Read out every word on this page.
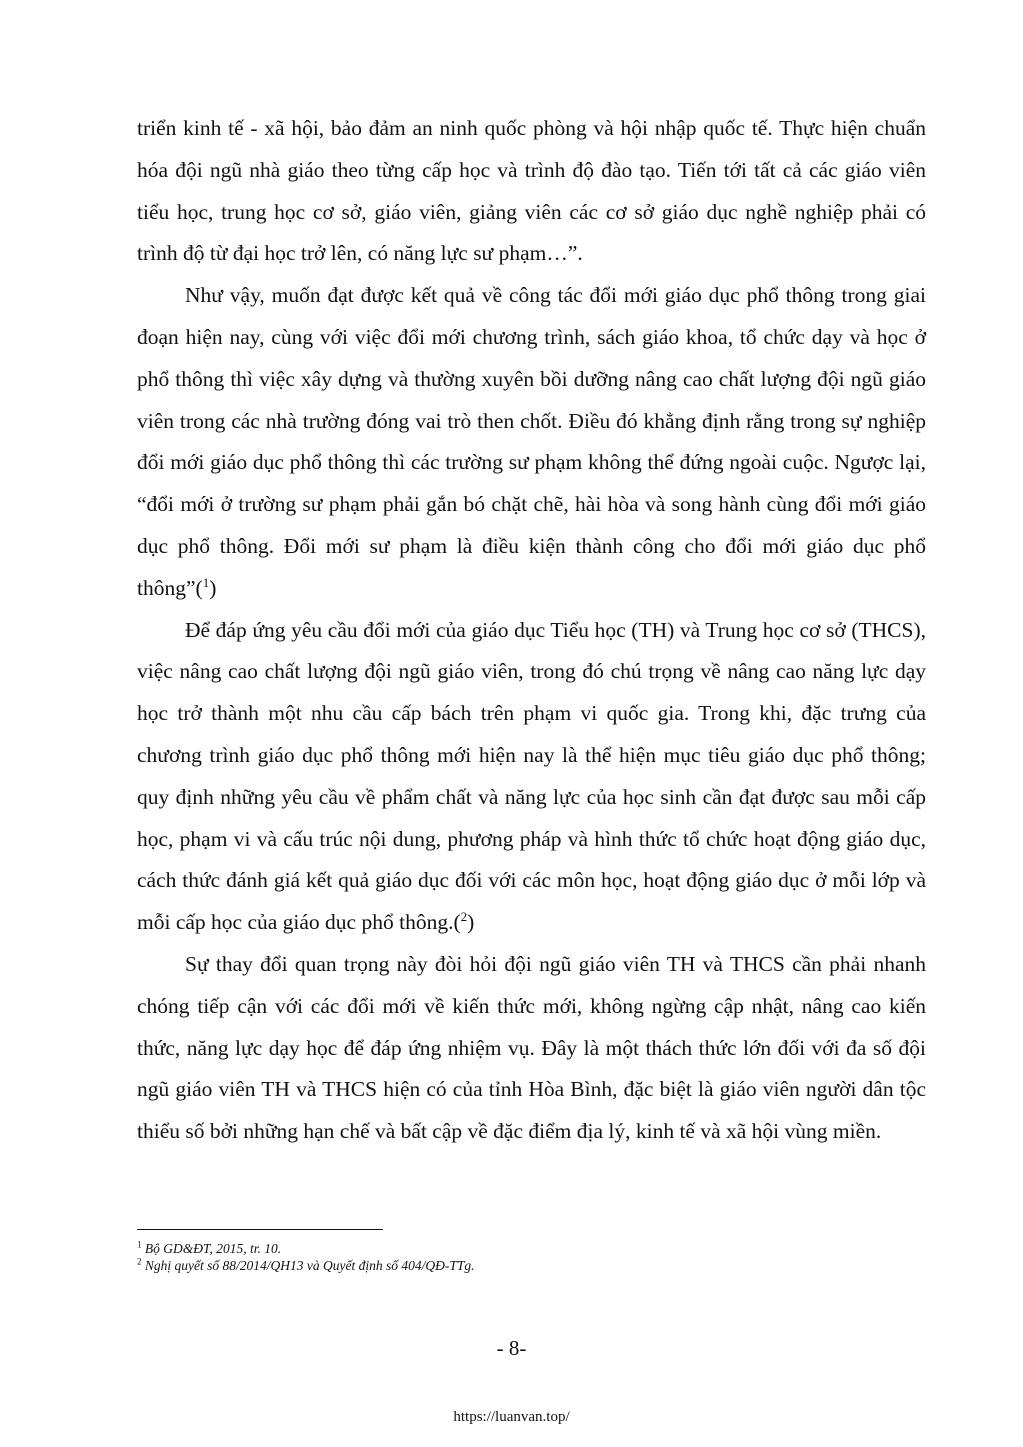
triển kinh tế - xã hội, bảo đảm an ninh quốc phòng và hội nhập quốc tế. Thực hiện chuẩn hóa đội ngũ nhà giáo theo từng cấp học và trình độ đào tạo. Tiến tới tất cả các giáo viên tiểu học, trung học cơ sở, giáo viên, giảng viên các cơ sở giáo dục nghề nghiệp phải có trình độ từ đại học trở lên, có năng lực sư phạm…”.

Như vậy, muốn đạt được kết quả về công tác đổi mới giáo dục phổ thông trong giai đoạn hiện nay, cùng với việc đổi mới chương trình, sách giáo khoa, tổ chức dạy và học ở phổ thông thì việc xây dựng và thường xuyên bồi dưỡng nâng cao chất lượng đội ngũ giáo viên trong các nhà trường đóng vai trò then chốt. Điều đó khẳng định rằng trong sự nghiệp đổi mới giáo dục phổ thông thì các trường sư phạm không thể đứng ngoài cuộc. Ngược lại, “đổi mới ở trường sư phạm phải gắn bó chặt chẽ, hài hòa và song hành cùng đổi mới giáo dục phổ thông. Đổi mới sư phạm là điều kiện thành công cho đổi mới giáo dục phổ thông”($^1$)

Để đáp ứng yêu cầu đổi mới của giáo dục Tiểu học (TH) và Trung học cơ sở (THCS), việc nâng cao chất lượng đội ngũ giáo viên, trong đó chú trọng về nâng cao năng lực dạy học trở thành một nhu cầu cấp bách trên phạm vi quốc gia. Trong khi, đặc trưng của chương trình giáo dục phổ thông mới hiện nay là thể hiện mục tiêu giáo dục phổ thông; quy định những yêu cầu về phẩm chất và năng lực của học sinh cần đạt được sau mỗi cấp học, phạm vi và cấu trúc nội dung, phương pháp và hình thức tổ chức hoạt động giáo dục, cách thức đánh giá kết quả giáo dục đối với các môn học, hoạt động giáo dục ở mỗi lớp và mỗi cấp học của giáo dục phổ thông.($^2$)

Sự thay đổi quan trọng này đòi hỏi đội ngũ giáo viên TH và THCS cần phải nhanh chóng tiếp cận với các đổi mới về kiến thức mới, không ngừng cập nhật, nâng cao kiến thức, năng lực dạy học để đáp ứng nhiệm vụ. Đây là một thách thức lớn đối với đa số đội ngũ giáo viên TH và THCS hiện có của tỉnh Hòa Bình, đặc biệt là giáo viên người dân tộc thiểu số bởi những hạn chế và bất cập về đặc điểm địa lý, kinh tế và xã hội vùng miền.

$^1$ Bộ GD&ĐT, 2015, tr. 10.
$^2$ Nghị quyết số 88/2014/QH13 và Quyết định số 404/QĐ-TTg.
- 8-
https://luanvan.top/
